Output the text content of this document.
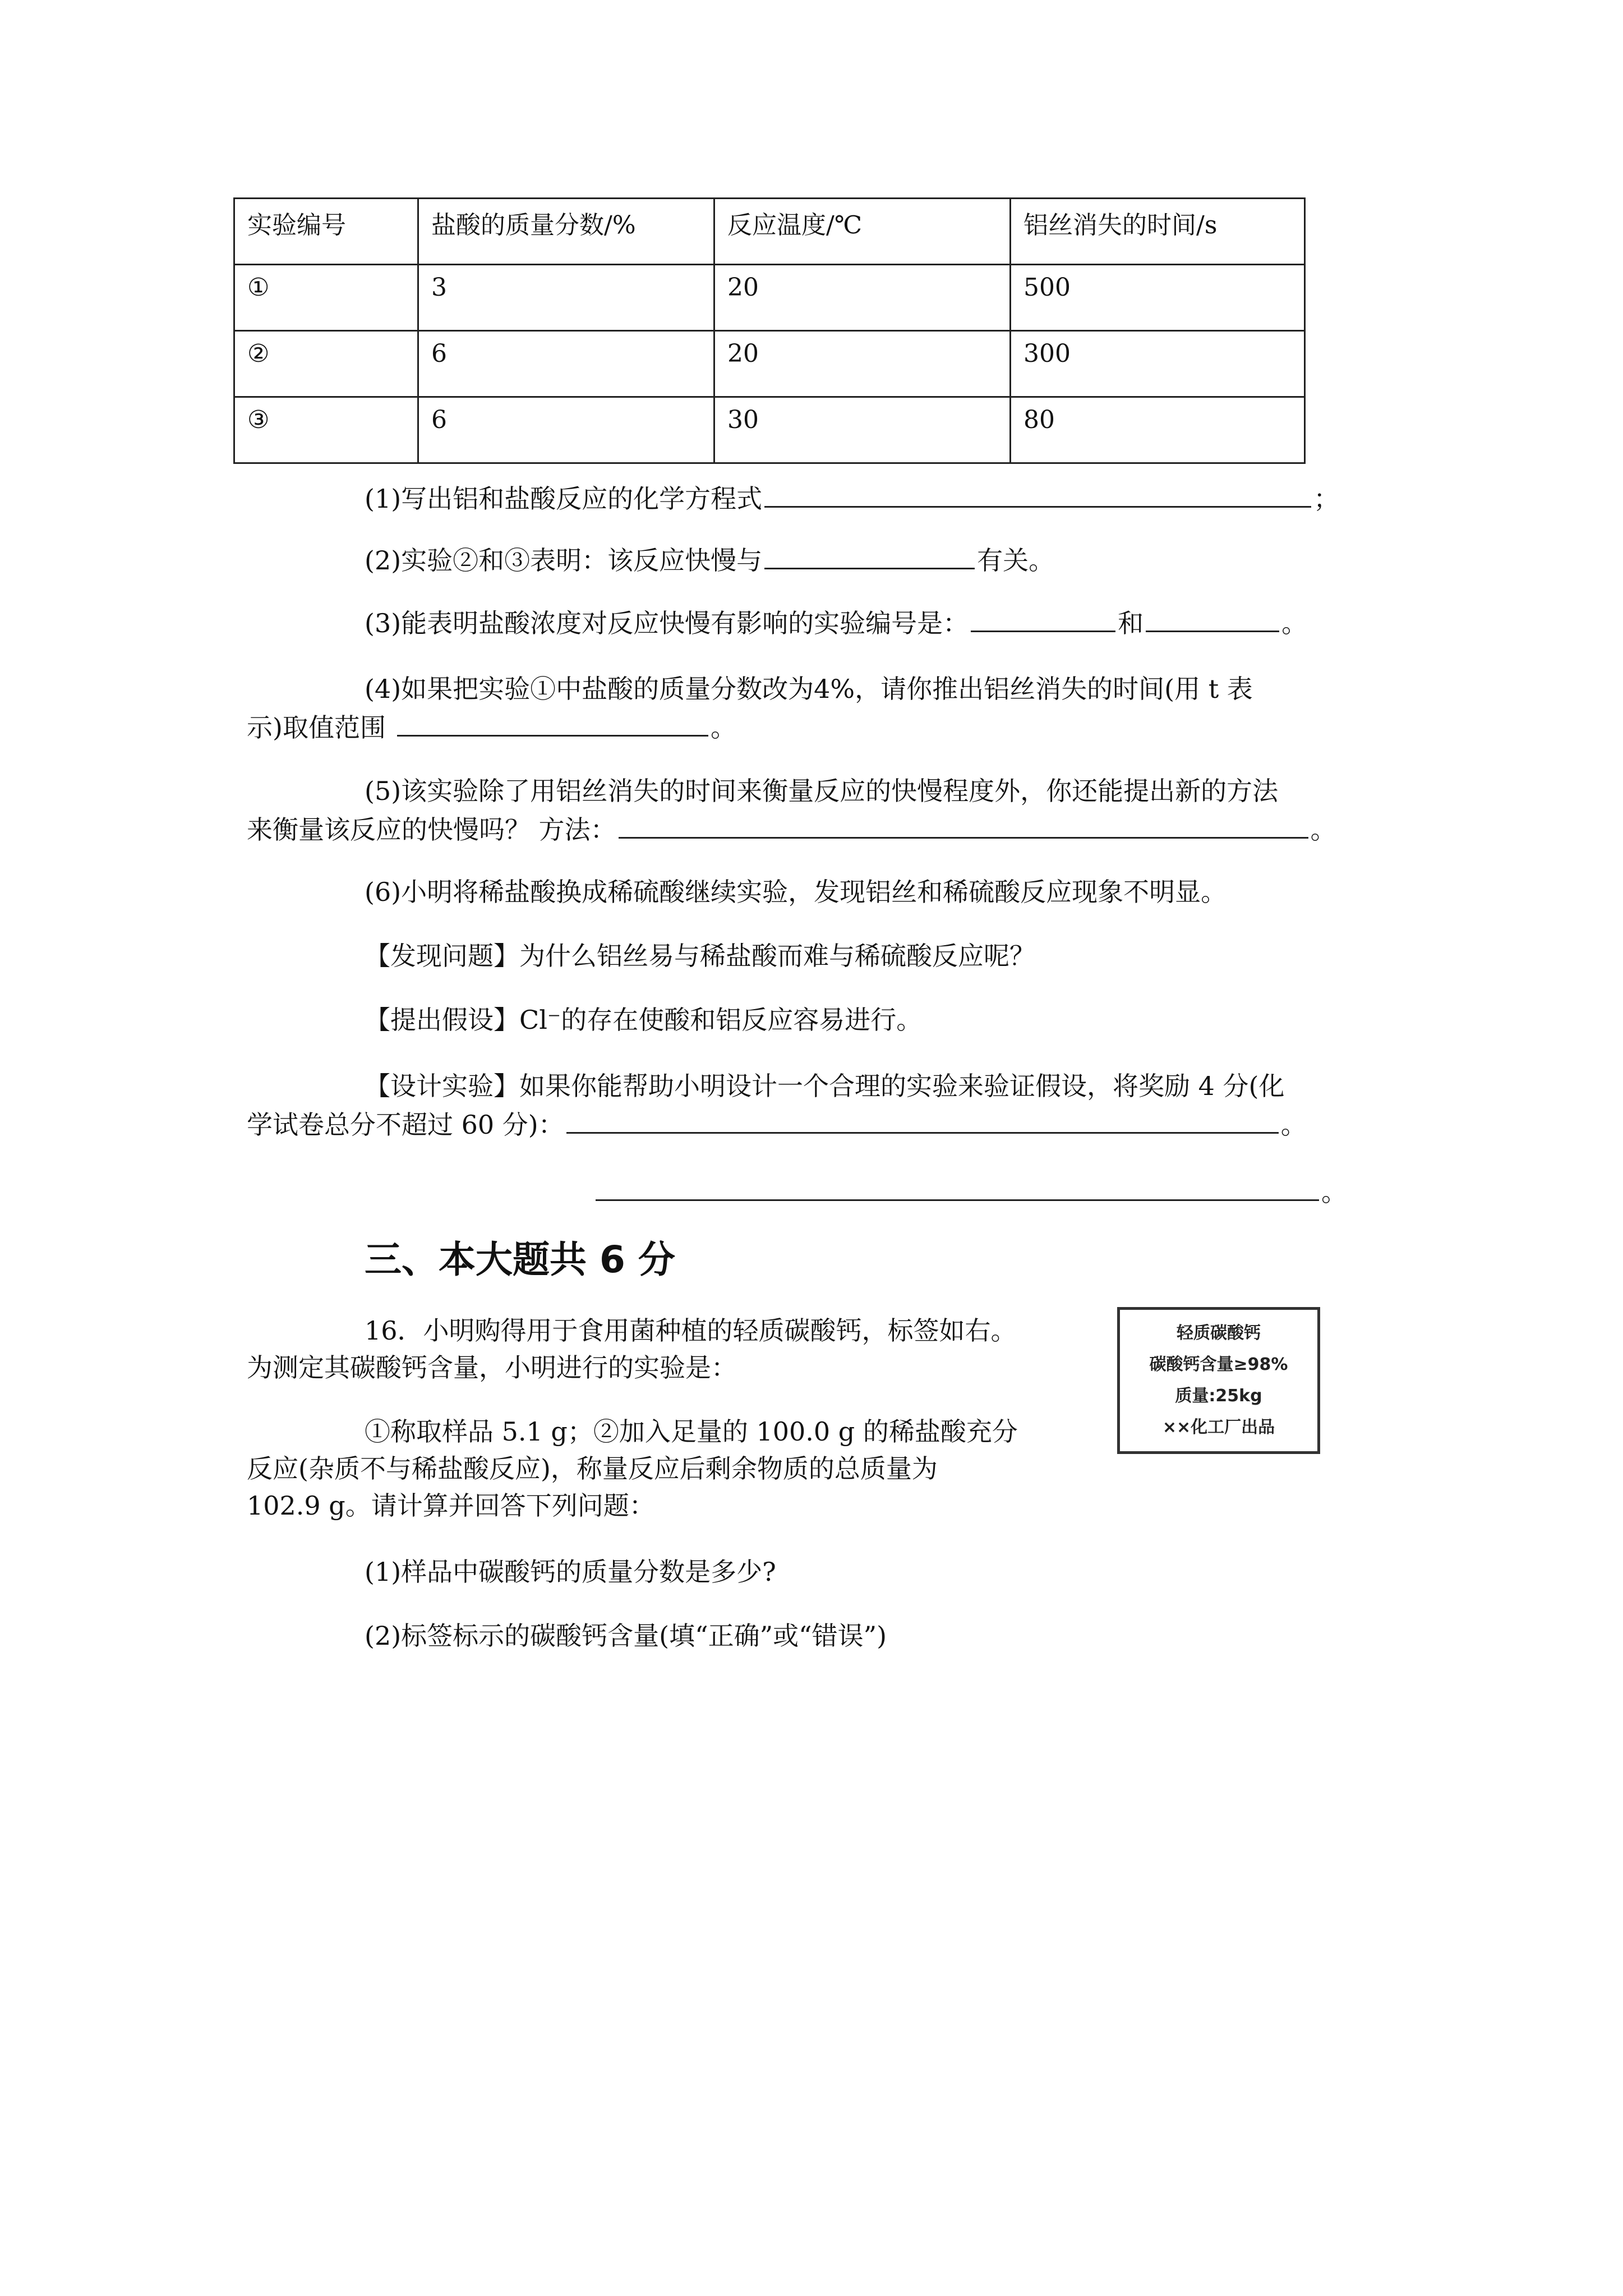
实验编号	盐酸的质量分数/%	反应温度/℃	铝丝消失的时间/s
①	3	20	500
②	6	20	300
③	6	30	80
(1)写出铝和盐酸反应的化学方程式	；
(2)实验②和③表明：该反应快慢与	有关。
(3)能表明盐酸浓度对反应快慢有影响的实验编号是：	和	。
(4)如果把实验①中盐酸的质量分数改为4%，请你推出铝丝消失的时间(用 t 表
示)取值范围	。
(5)该实验除了用铝丝消失的时间来衡量反应的快慢程度外，你还能提出新的方法
来衡量该反应的快慢吗？ 方法：	。
(6)小明将稀盐酸换成稀硫酸继续实验，发现铝丝和稀硫酸反应现象不明显。
【发现问题】为什么铝丝易与稀盐酸而难与稀硫酸反应呢？
【提出假设】Cl⁻的存在使酸和铝反应容易进行。
【设计实验】如果你能帮助小明设计一个合理的实验来验证假设，将奖励 4 分(化
学试卷总分不超过 60 分)：	。
。
三、本大题共 6 分
16．小明购得用于食用菌种植的轻质碳酸钙，标签如右。
为测定其碳酸钙含量，小明进行的实验是：
①称取样品 5.1 g；②加入足量的 100.0 g 的稀盐酸充分
反应(杂质不与稀盐酸反应)，称量反应后剩余物质的总质量为
102.9 g。请计算并回答下列问题：
(1)样品中碳酸钙的质量分数是多少?
(2)标签标示的碳酸钙含量(填“正确”或“错误”)
轻质碳酸钙
碳酸钙含量≥98%
质量:25kg
××化工厂出品
